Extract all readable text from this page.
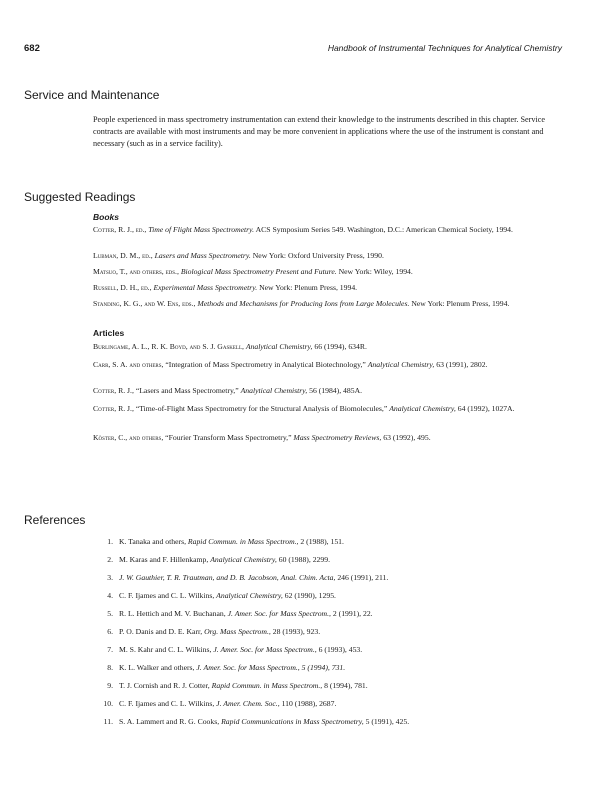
682	Handbook of Instrumental Techniques for Analytical Chemistry
Service and Maintenance

People experienced in mass spectrometry instrumentation can extend their knowledge to the instruments described in this chapter. Service contracts are available with most instruments and may be more convenient in applications where the use of the instrument is constant and necessary (such as in a service facility).

Suggested Readings
Books

Cotter, R. J., ed., Time of Flight Mass Spectrometry. ACS Symposium Series 549. Washington, D.C.: American Chemical Society, 1994.

Lubman, D. M., ed., Lasers and Mass Spectrometry. New York: Oxford University Press, 1990.

Matsuo, T., and others, eds., Biological Mass Spectrometry Present and Future. New York: Wiley, 1994.

Russell, D. H., ed., Experimental Mass Spectrometry. New York: Plenum Press, 1994.

Standing, K. G., and W. Ens, eds., Methods and Mechanisms for Producing Ions from Large Molecules. New York: Plenum Press, 1994.

Articles

Burlingame, A. L., R. K. Boyd, and S. J. Gaskell, Analytical Chemistry, 66 (1994), 634R.

Carr, S. A. and others, “Integration of Mass Spectrometry in Analytical Biotechnology,” Analytical Chemistry, 63 (1991), 2802.

Cotter, R. J., “Lasers and Mass Spectrometry,” Analytical Chemistry, 56 (1984), 485A.

Cotter, R. J., “Time-of-Flight Mass Spectrometry for the Structural Analysis of Biomolecules,” Analytical Chemistry, 64 (1992), 1027A.

Köster, C., and others, “Fourier Transform Mass Spectrometry,” Mass Spectrometry Reviews, 63 (1992), 495.

References

1. K. Tanaka and others, Rapid Commun. in Mass Spectrom., 2 (1988), 151.

2. M. Karas and F. Hillenkamp, Analytical Chemistry, 60 (1988), 2299.

3. J. W. Gauthier, T. R. Trautman, and D. B. Jacobson, Anal. Chim. Acta, 246 (1991), 211.

4. C. F. Ijames and C. L. Wilkins, Analytical Chemistry, 62 (1990), 1295.

5. R. L. Hettich and M. V. Buchanan, J. Amer. Soc. for Mass Spectrom., 2 (1991), 22.

6. P. O. Danis and D. E. Karr, Org. Mass Spectrom., 28 (1993), 923.

7. M. S. Kahr and C. L. Wilkins, J. Amer. Soc. for Mass Spectrom., 6 (1993), 453.

8. K. L. Walker and others, J. Amer. Soc. for Mass Spectrom., 5 (1994), 731.

9. T. J. Cornish and R. J. Cotter, Rapid Commun. in Mass Spectrom., 8 (1994), 781.

10. C. F. Ijames and C. L. Wilkins, J. Amer. Chem. Soc., 110 (1988), 2687.

11. S. A. Lammert and R. G. Cooks, Rapid Communications in Mass Spectrometry, 5 (1991), 425.
